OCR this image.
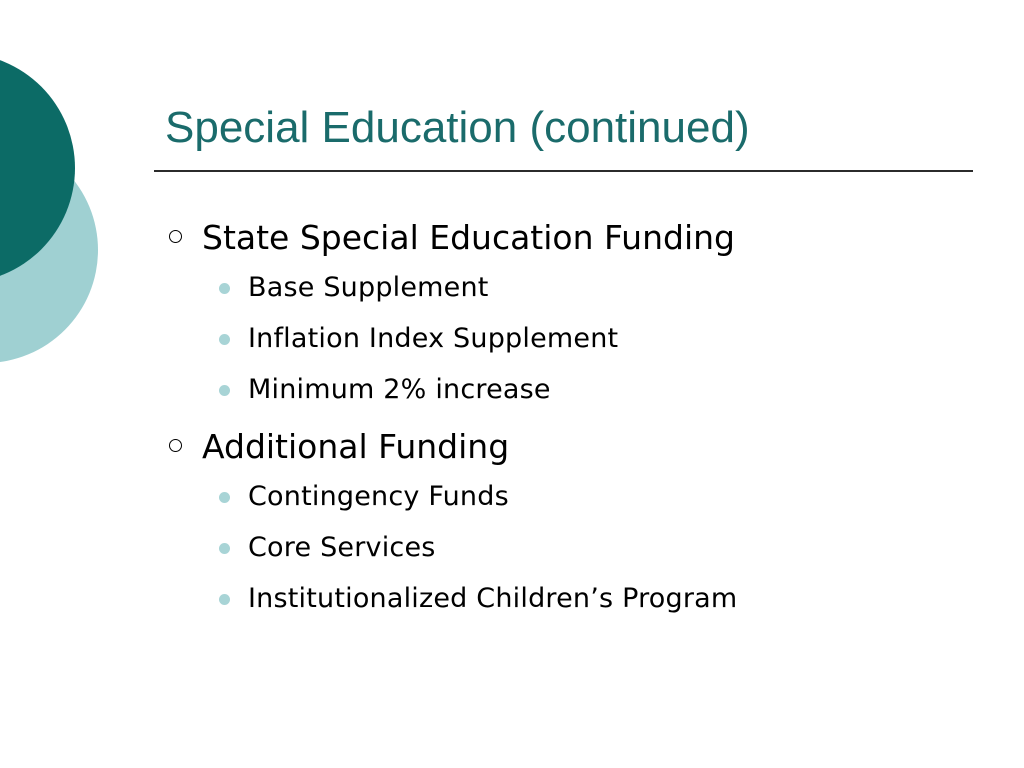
Special Education (continued)
State Special Education Funding
Base Supplement
Inflation Index Supplement
Minimum 2% increase
Additional Funding
Contingency Funds
Core Services
Institutionalized Children’s Program
